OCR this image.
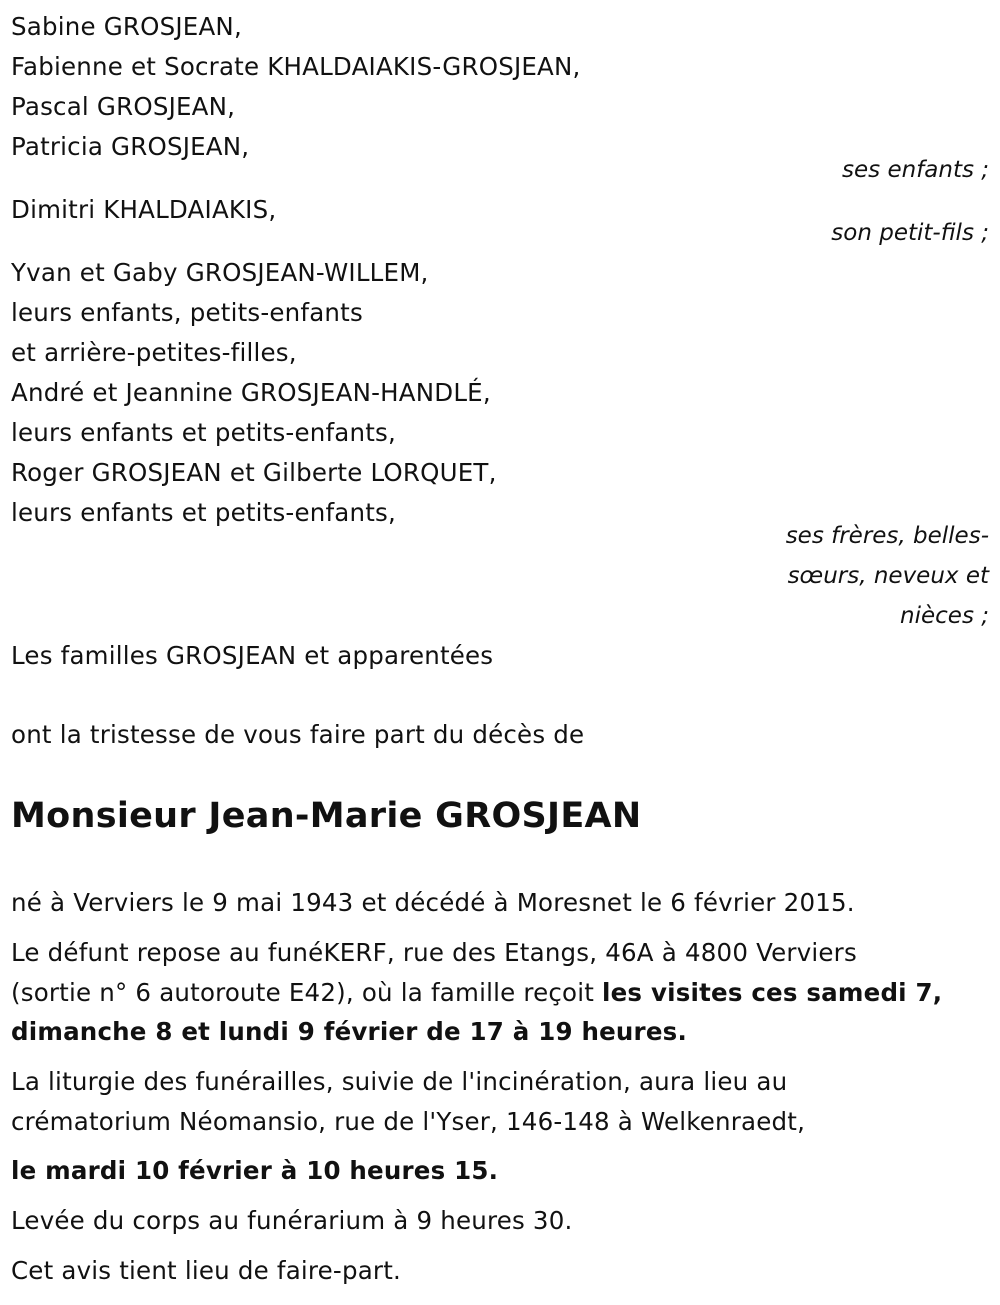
Sabine GROSJEAN,
Fabienne et Socrate KHALDAIAKIS-GROSJEAN,
Pascal GROSJEAN,
Patricia GROSJEAN,
ses enfants ;
Dimitri KHALDAIAKIS,
son petit-fils ;
Yvan et Gaby GROSJEAN-WILLEM,
leurs enfants, petits-enfants
et arrière-petites-filles,
André et Jeannine GROSJEAN-HANDLÉ,
leurs enfants et petits-enfants,
Roger GROSJEAN et Gilberte LORQUET,
leurs enfants et petits-enfants,
ses frères, belles-
sœurs, neveux et
nièces ;
Les familles GROSJEAN et apparentées
ont la tristesse de vous faire part du décès de
Monsieur Jean-Marie GROSJEAN
né à Verviers le 9 mai 1943 et décédé à Moresnet le 6 février 2015.
Le défunt repose au funéKERF, rue des Etangs, 46A à 4800 Verviers
(sortie n° 6 autoroute E42), où la famille reçoit les visites ces samedi 7,
dimanche 8 et lundi 9 février de 17 à 19 heures.
La liturgie des funérailles, suivie de l'incinération, aura lieu au
crématorium Néomansio, rue de l'Yser, 146-148 à Welkenraedt,
le mardi 10 février à 10 heures 15.
Levée du corps au funérarium à 9 heures 30.
Cet avis tient lieu de faire-part.
